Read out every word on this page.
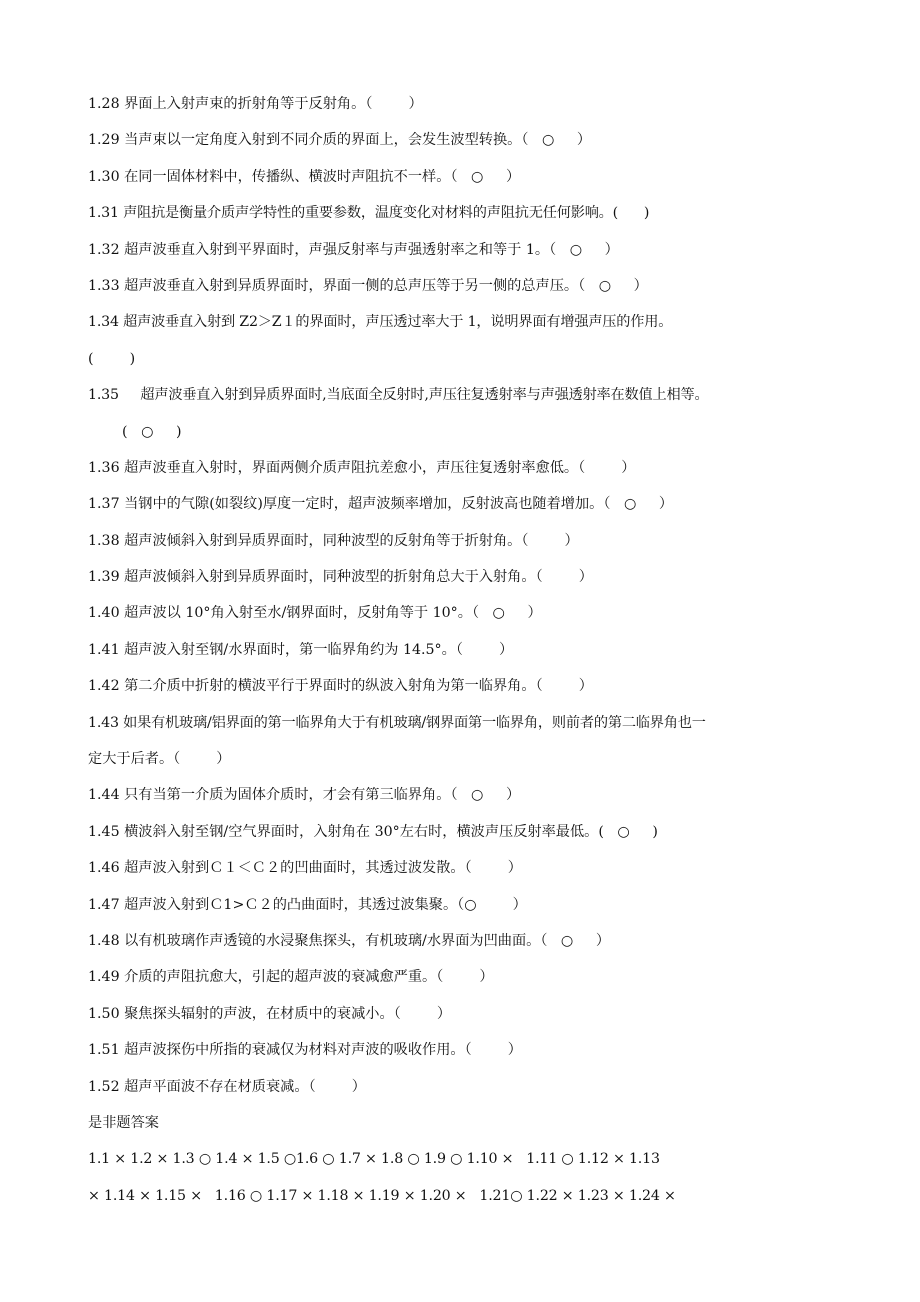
1.28 界面上入射声束的折射角等于反射角。（        ）
1.29 当声束以一定角度入射到不同介质的界面上，会发生波型转换。（   ○     ）
1.30 在同一固体材料中，传播纵、横波时声阻抗不一样。（   ○     ）
1.31 声阻抗是衡量介质声学特性的重要参数，温度变化对材料的声阻抗无任何影响。(      )
1.32 超声波垂直入射到平界面时，声强反射率与声强透射率之和等于 1。（   ○     ）
1.33 超声波垂直入射到异质界面时，界面一侧的总声压等于另一侧的总声压。（   ○     ）
1.34 超声波垂直入射到 Z2＞Z１的界面时，声压透过率大于 1，说明界面有增强声压的作用。
(        )
1.35     超声波垂直入射到异质界面时,当底面全反射时,声压往复透射率与声强透射率在数值上相等。
(   ○     )
1.36 超声波垂直入射时，界面两侧介质声阻抗差愈小，声压往复透射率愈低。（        ）
1.37 当钢中的气隙(如裂纹)厚度一定时，超声波频率增加，反射波高也随着增加。（   ○     ）
1.38 超声波倾斜入射到异质界面时，同种波型的反射角等于折射角。（        ）
1.39 超声波倾斜入射到异质界面时，同种波型的折射角总大于入射角。（        ）
1.40 超声波以 10°角入射至水/钢界面时，反射角等于 10°。（   ○     ）
1.41 超声波入射至钢/水界面时，第一临界角约为 14.5°。（        ）
1.42 第二介质中折射的横波平行于界面时的纵波入射角为第一临界角。（        ）
1.43 如果有机玻璃/铝界面的第一临界角大于有机玻璃/钢界面第一临界角，则前者的第二临界角也一
定大于后者。（        ）
1.44 只有当第一介质为固体介质时，才会有第三临界角。（   ○     ）
1.45 横波斜入射至钢/空气界面时，入射角在 30°左右时，横波声压反射率最低。(   ○     )
1.46 超声波入射到Ｃ１＜Ｃ２的凹曲面时，其透过波发散。（        ）
1.47 超声波入射到Ｃ1>Ｃ２的凸曲面时，其透过波集聚。（○        ）
1.48 以有机玻璃作声透镜的水浸聚焦探头，有机玻璃/水界面为凹曲面。（   ○     ）
1.49 介质的声阻抗愈大，引起的超声波的衰减愈严重。（        ）
1.50 聚焦探头辐射的声波，在材质中的衰减小。（        ）
1.51 超声波探伤中所指的衰减仅为材料对声波的吸收作用。（        ）
1.52 超声平面波不存在材质衰减。（        ）
是非题答案
1.1 × 1.2 × 1.3 ○ 1.4 × 1.5 ○1.6 ○ 1.7 × 1.8 ○ 1.9 ○ 1.10 ×   1.11 ○ 1.12 × 1.13
× 1.14 × 1.15 ×   1.16 ○ 1.17 × 1.18 × 1.19 × 1.20 ×   1.21○ 1.22 × 1.23 × 1.24 ×
